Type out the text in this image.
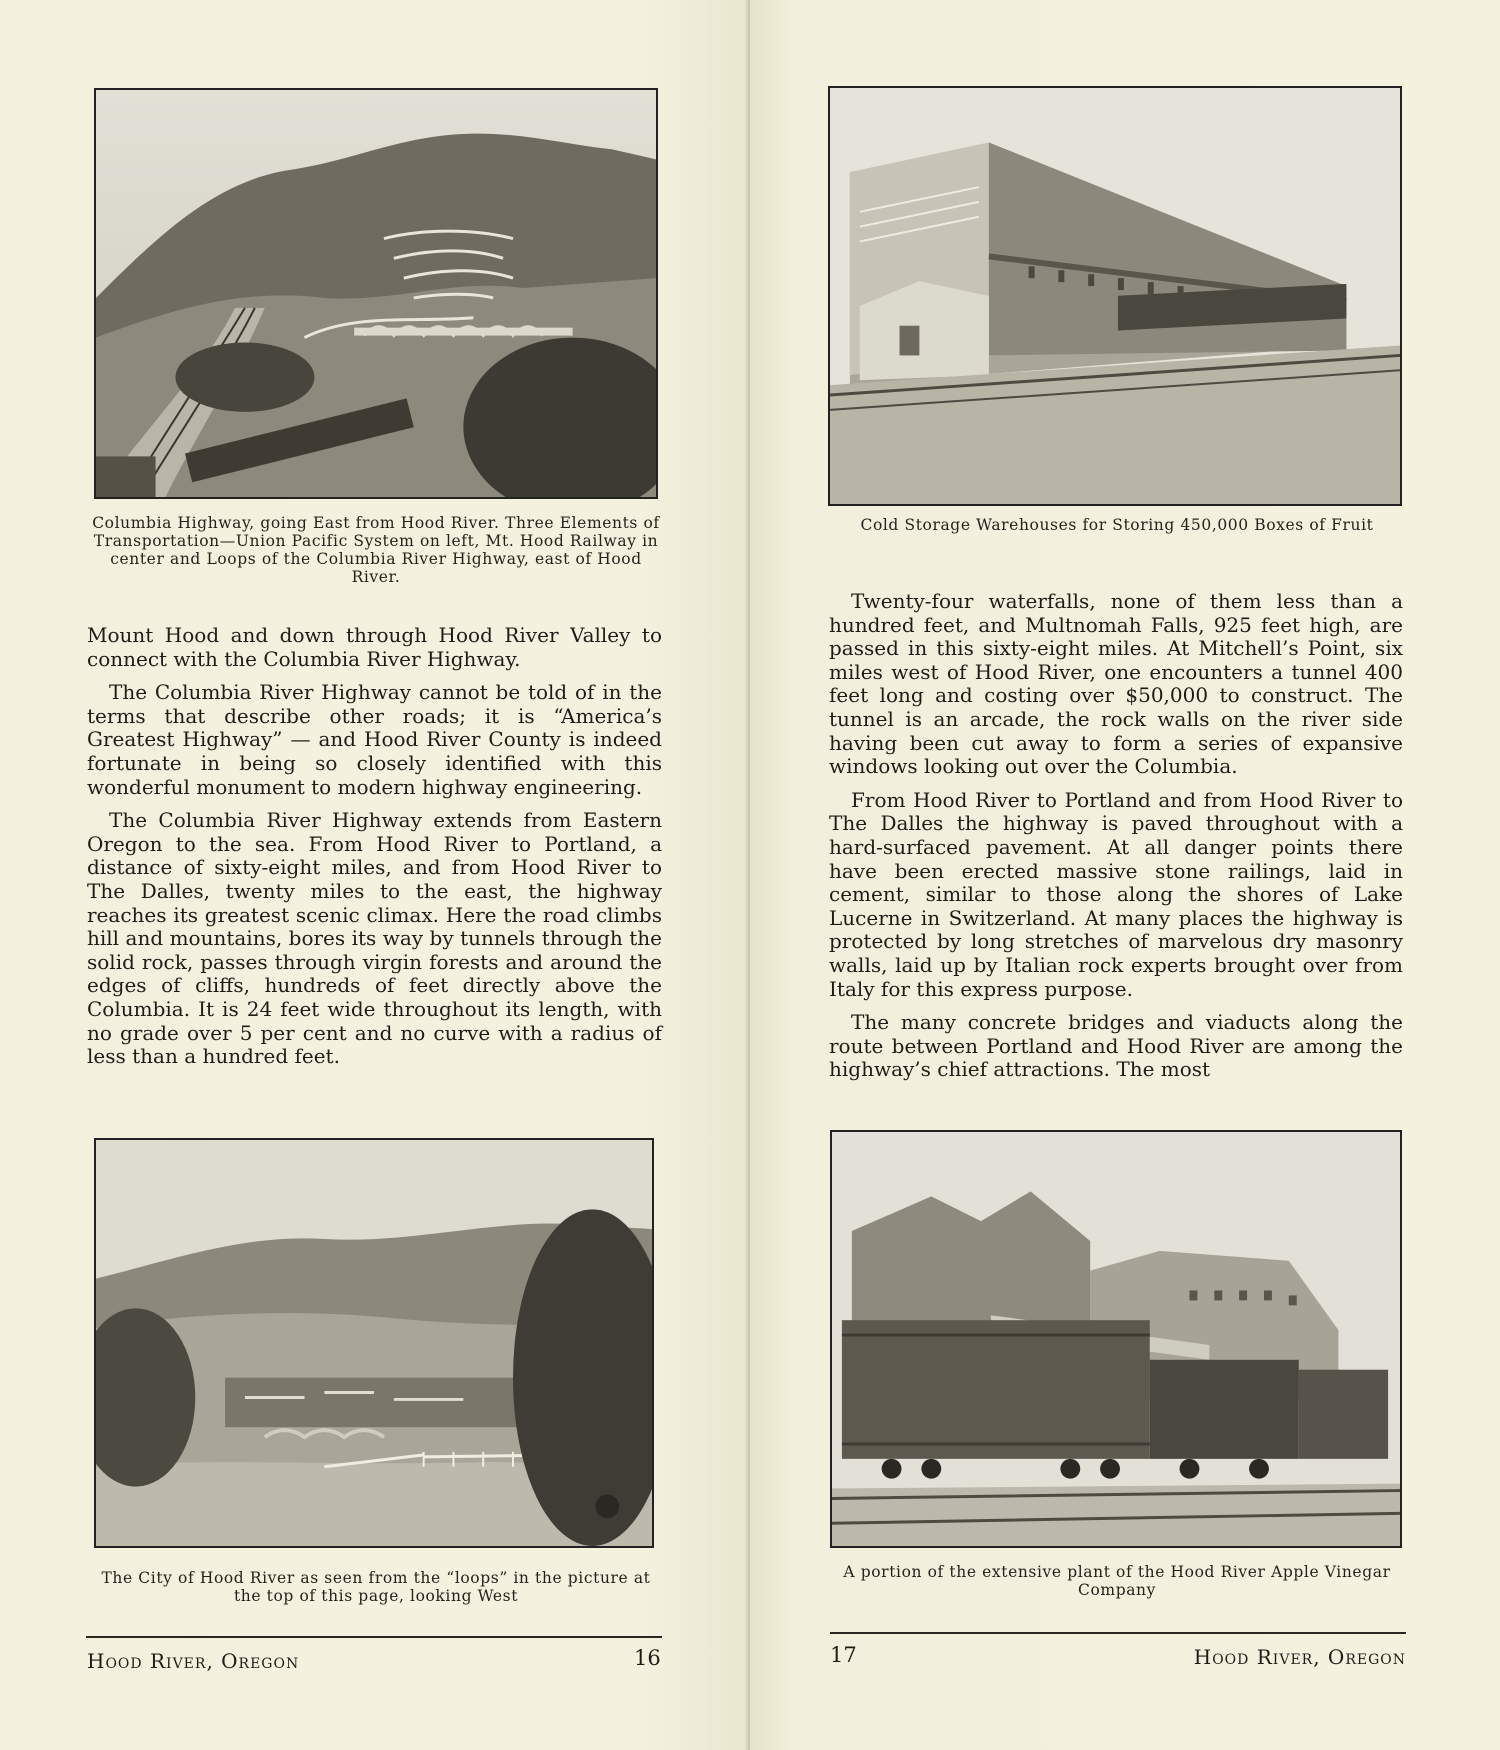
Columbia Highway, going East from Hood River. Three Elements of Transportation—Union Pacific System on left, Mt. Hood Railway in center and Loops of the Columbia River Highway, east of Hood River.

Mount Hood and down through Hood River Valley to connect with the Columbia River Highway.

The Columbia River Highway cannot be told of in the terms that describe other roads; it is “America’s Greatest Highway” — and Hood River County is indeed fortunate in being so closely identified with this wonderful monument to modern highway engineering.

The Columbia River Highway extends from Eastern Oregon to the sea. From Hood River to Portland, a distance of sixty-eight miles, and from Hood River to The Dalles, twenty miles to the east, the highway reaches its greatest scenic climax. Here the road climbs hill and mountains, bores its way by tunnels through the solid rock, passes through virgin forests and around the edges of cliffs, hundreds of feet directly above the Columbia. It is 24 feet wide throughout its length, with no grade over 5 per cent and no curve with a radius of less than a hundred feet.

The City of Hood River as seen from the “loops” in the picture at the top of this page, looking West
Hood River, Oregon	16
Cold Storage Warehouses for Storing 450,000 Boxes of Fruit

Twenty-four waterfalls, none of them less than a hundred feet, and Multnomah Falls, 925 feet high, are passed in this sixty-eight miles. At Mitchell’s Point, six miles west of Hood River, one encounters a tunnel 400 feet long and costing over $50,000 to construct. The tunnel is an arcade, the rock walls on the river side having been cut away to form a series of expansive windows looking out over the Columbia.

From Hood River to Portland and from Hood River to The Dalles the highway is paved throughout with a hard-surfaced pavement. At all danger points there have been erected massive stone railings, laid in cement, similar to those along the shores of Lake Lucerne in Switzerland. At many places the highway is protected by long stretches of marvelous dry masonry walls, laid up by Italian rock experts brought over from Italy for this express purpose.

The many concrete bridges and viaducts along the route between Portland and Hood River are among the highway’s chief attractions. The most

A portion of the extensive plant of the Hood River Apple Vinegar Company
17	Hood River, Oregon
